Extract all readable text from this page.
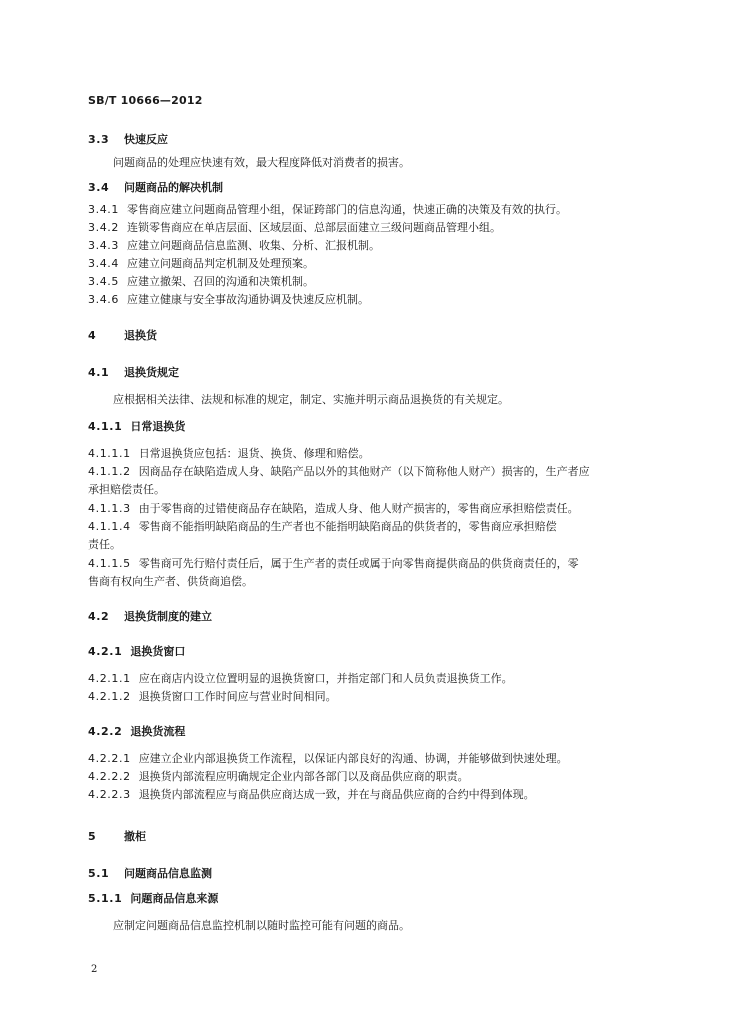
SB/T 10666—2012
3.3 快速反应
问题商品的处理应快速有效，最大程度降低对消费者的损害。
3.4 问题商品的解决机制
3.4.1 零售商应建立问题商品管理小组，保证跨部门的信息沟通，快速正确的决策及有效的执行。
3.4.2 连锁零售商应在单店层面、区域层面、总部层面建立三级问题商品管理小组。
3.4.3 应建立问题商品信息监测、收集、分析、汇报机制。
3.4.4 应建立问题商品判定机制及处理预案。
3.4.5 应建立撤架、召回的沟通和决策机制。
3.4.6 应建立健康与安全事故沟通协调及快速反应机制。
4	退换货
4.1 退换货规定
应根据相关法律、法规和标准的规定，制定、实施并明示商品退换货的有关规定。
4.1.1 日常退换货
4.1.1.1 日常退换货应包括：退货、换货、修理和赔偿。
4.1.1.2 因商品存在缺陷造成人身、缺陷产品以外的其他财产（以下简称他人财产）损害的，生产者应
承担赔偿责任。
4.1.1.3 由于零售商的过错使商品存在缺陷，造成人身、他人财产损害的，零售商应承担赔偿责任。
4.1.1.4 零售商不能指明缺陷商品的生产者也不能指明缺陷商品的供货者的，零售商应承担赔偿
责任。
4.1.1.5 零售商可先行赔付责任后，属于生产者的责任或属于向零售商提供商品的供货商责任的，零
售商有权向生产者、供货商追偿。
4.2 退换货制度的建立
4.2.1 退换货窗口
4.2.1.1 应在商店内设立位置明显的退换货窗口，并指定部门和人员负责退换货工作。
4.2.1.2 退换货窗口工作时间应与营业时间相同。
4.2.2 退换货流程
4.2.2.1 应建立企业内部退换货工作流程，以保证内部良好的沟通、协调，并能够做到快速处理。
4.2.2.2 退换货内部流程应明确规定企业内部各部门以及商品供应商的职责。
4.2.2.3 退换货内部流程应与商品供应商达成一致，并在与商品供应商的合约中得到体现。
5	撤柜
5.1 问题商品信息监测
5.1.1 问题商品信息来源
应制定问题商品信息监控机制以随时监控可能有问题的商品。
2
